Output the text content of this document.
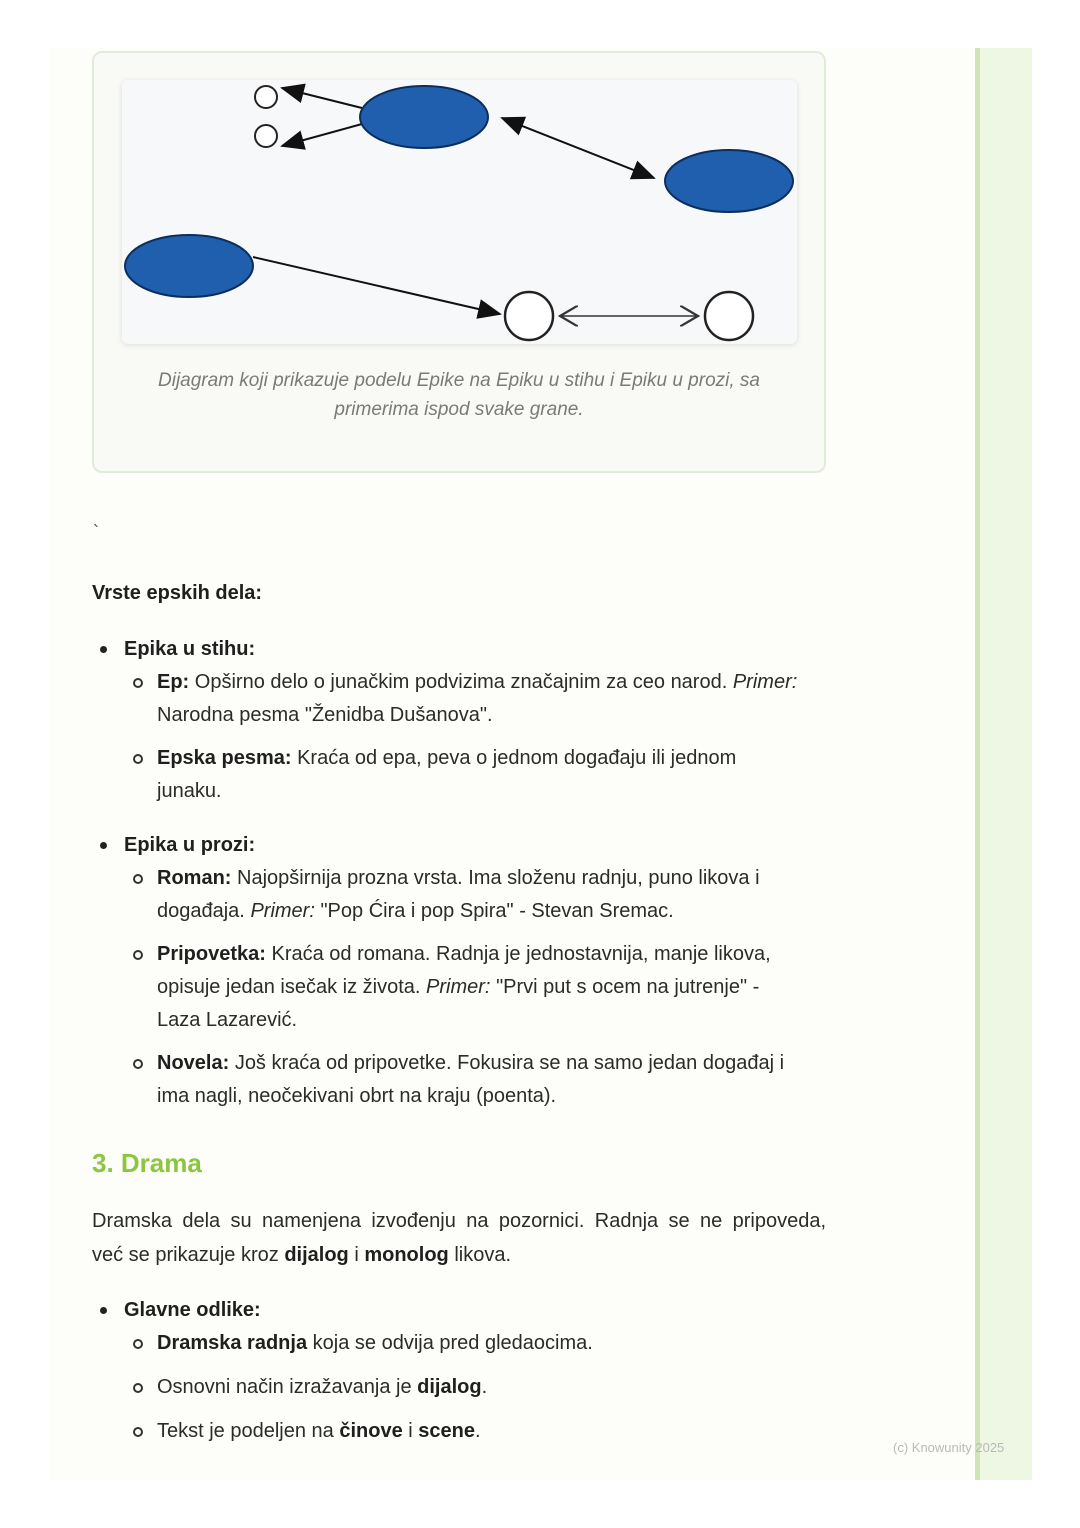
Dijagram koji prikazuje podelu Epike na Epiku u stihu i Epiku u prozi, sa primerima ispod svake grane.
`
Vrste epskih dela:
Epika u stihu:
Ep: Opširno delo o junačkim podvizima značajnim za ceo narod. Primer:
Narodna pesma "Ženidba Dušanova".
Epska pesma: Kraća od epa, peva o jednom događaju ili jednom
junaku.
Epika u prozi:
Roman: Najopširnija prozna vrsta. Ima složenu radnju, puno likova i
događaja. Primer: "Pop Ćira i pop Spira" - Stevan Sremac.
Pripovetka: Kraća od romana. Radnja je jednostavnija, manje likova,
opisuje jedan isečak iz života. Primer: "Prvi put s ocem na jutrenje" -
Laza Lazarević.
Novela: Još kraća od pripovetke. Fokusira se na samo jedan događaj i
ima nagli, neočekivani obrt na kraju (poenta).
3. Drama
Dramska dela su namenjena izvođenju na pozornici. Radnja se ne pripoveda,
već se prikazuje kroz dijalog i monolog likova.
Glavne odlike:
Dramska radnja koja se odvija pred gledaocima.
Osnovni način izražavanja je dijalog.
Tekst je podeljen na činove i scene.
(c) Knowunity 2025
